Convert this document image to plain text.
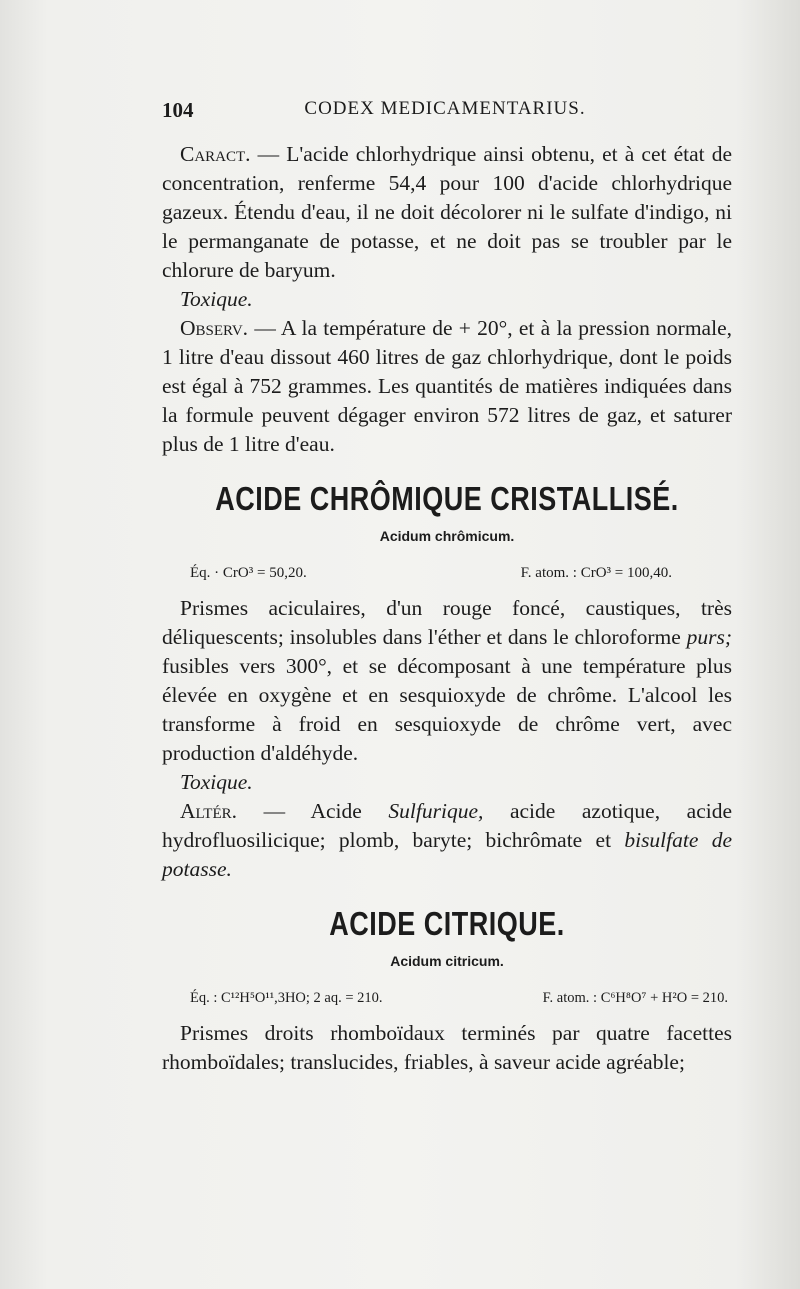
104	CODEX MEDICAMENTARIUS.

Caract. — L'acide chlorhydrique ainsi obtenu, et à cet état de concentration, renferme 54,4 pour 100 d'acide chlorhydrique gazeux. Étendu d'eau, il ne doit décolorer ni le sulfate d'indigo, ni le permanganate de potasse, et ne doit pas se troubler par le chlorure de baryum.

Toxique.

Observ. — A la température de + 20°, et à la pression normale, 1 litre d'eau dissout 460 litres de gaz chlorhydrique, dont le poids est égal à 752 grammes. Les quantités de matières indiquées dans la formule peuvent dégager environ 572 litres de gaz, et saturer plus de 1 litre d'eau.

ACIDE CHRÔMIQUE CRISTALLISÉ.
Acidum chrômicum.
Éq. · CrO³ = 50,20.	F. atom. : CrO³ = 100,40.

Prismes aciculaires, d'un rouge foncé, caustiques, très déliquescents; insolubles dans l'éther et dans le chloroforme purs; fusibles vers 300°, et se décomposant à une température plus élevée en oxygène et en sesquioxyde de chrôme. L'alcool les transforme à froid en sesquioxyde de chrôme vert, avec production d'aldéhyde.

Toxique.

Altér. — Acide Sulfurique, acide azotique, acide hydrofluosilicique; plomb, baryte; bichrômate et bisulfate de potasse.

ACIDE CITRIQUE.
Acidum citricum.
Éq. : C¹²H⁵O¹¹,3HO; 2 aq. = 210.	F. atom. : C⁶H⁸O⁷ + H²O = 210.

Prismes droits rhomboïdaux terminés par quatre facettes rhomboïdales; translucides, friables, à saveur acide agréable;
